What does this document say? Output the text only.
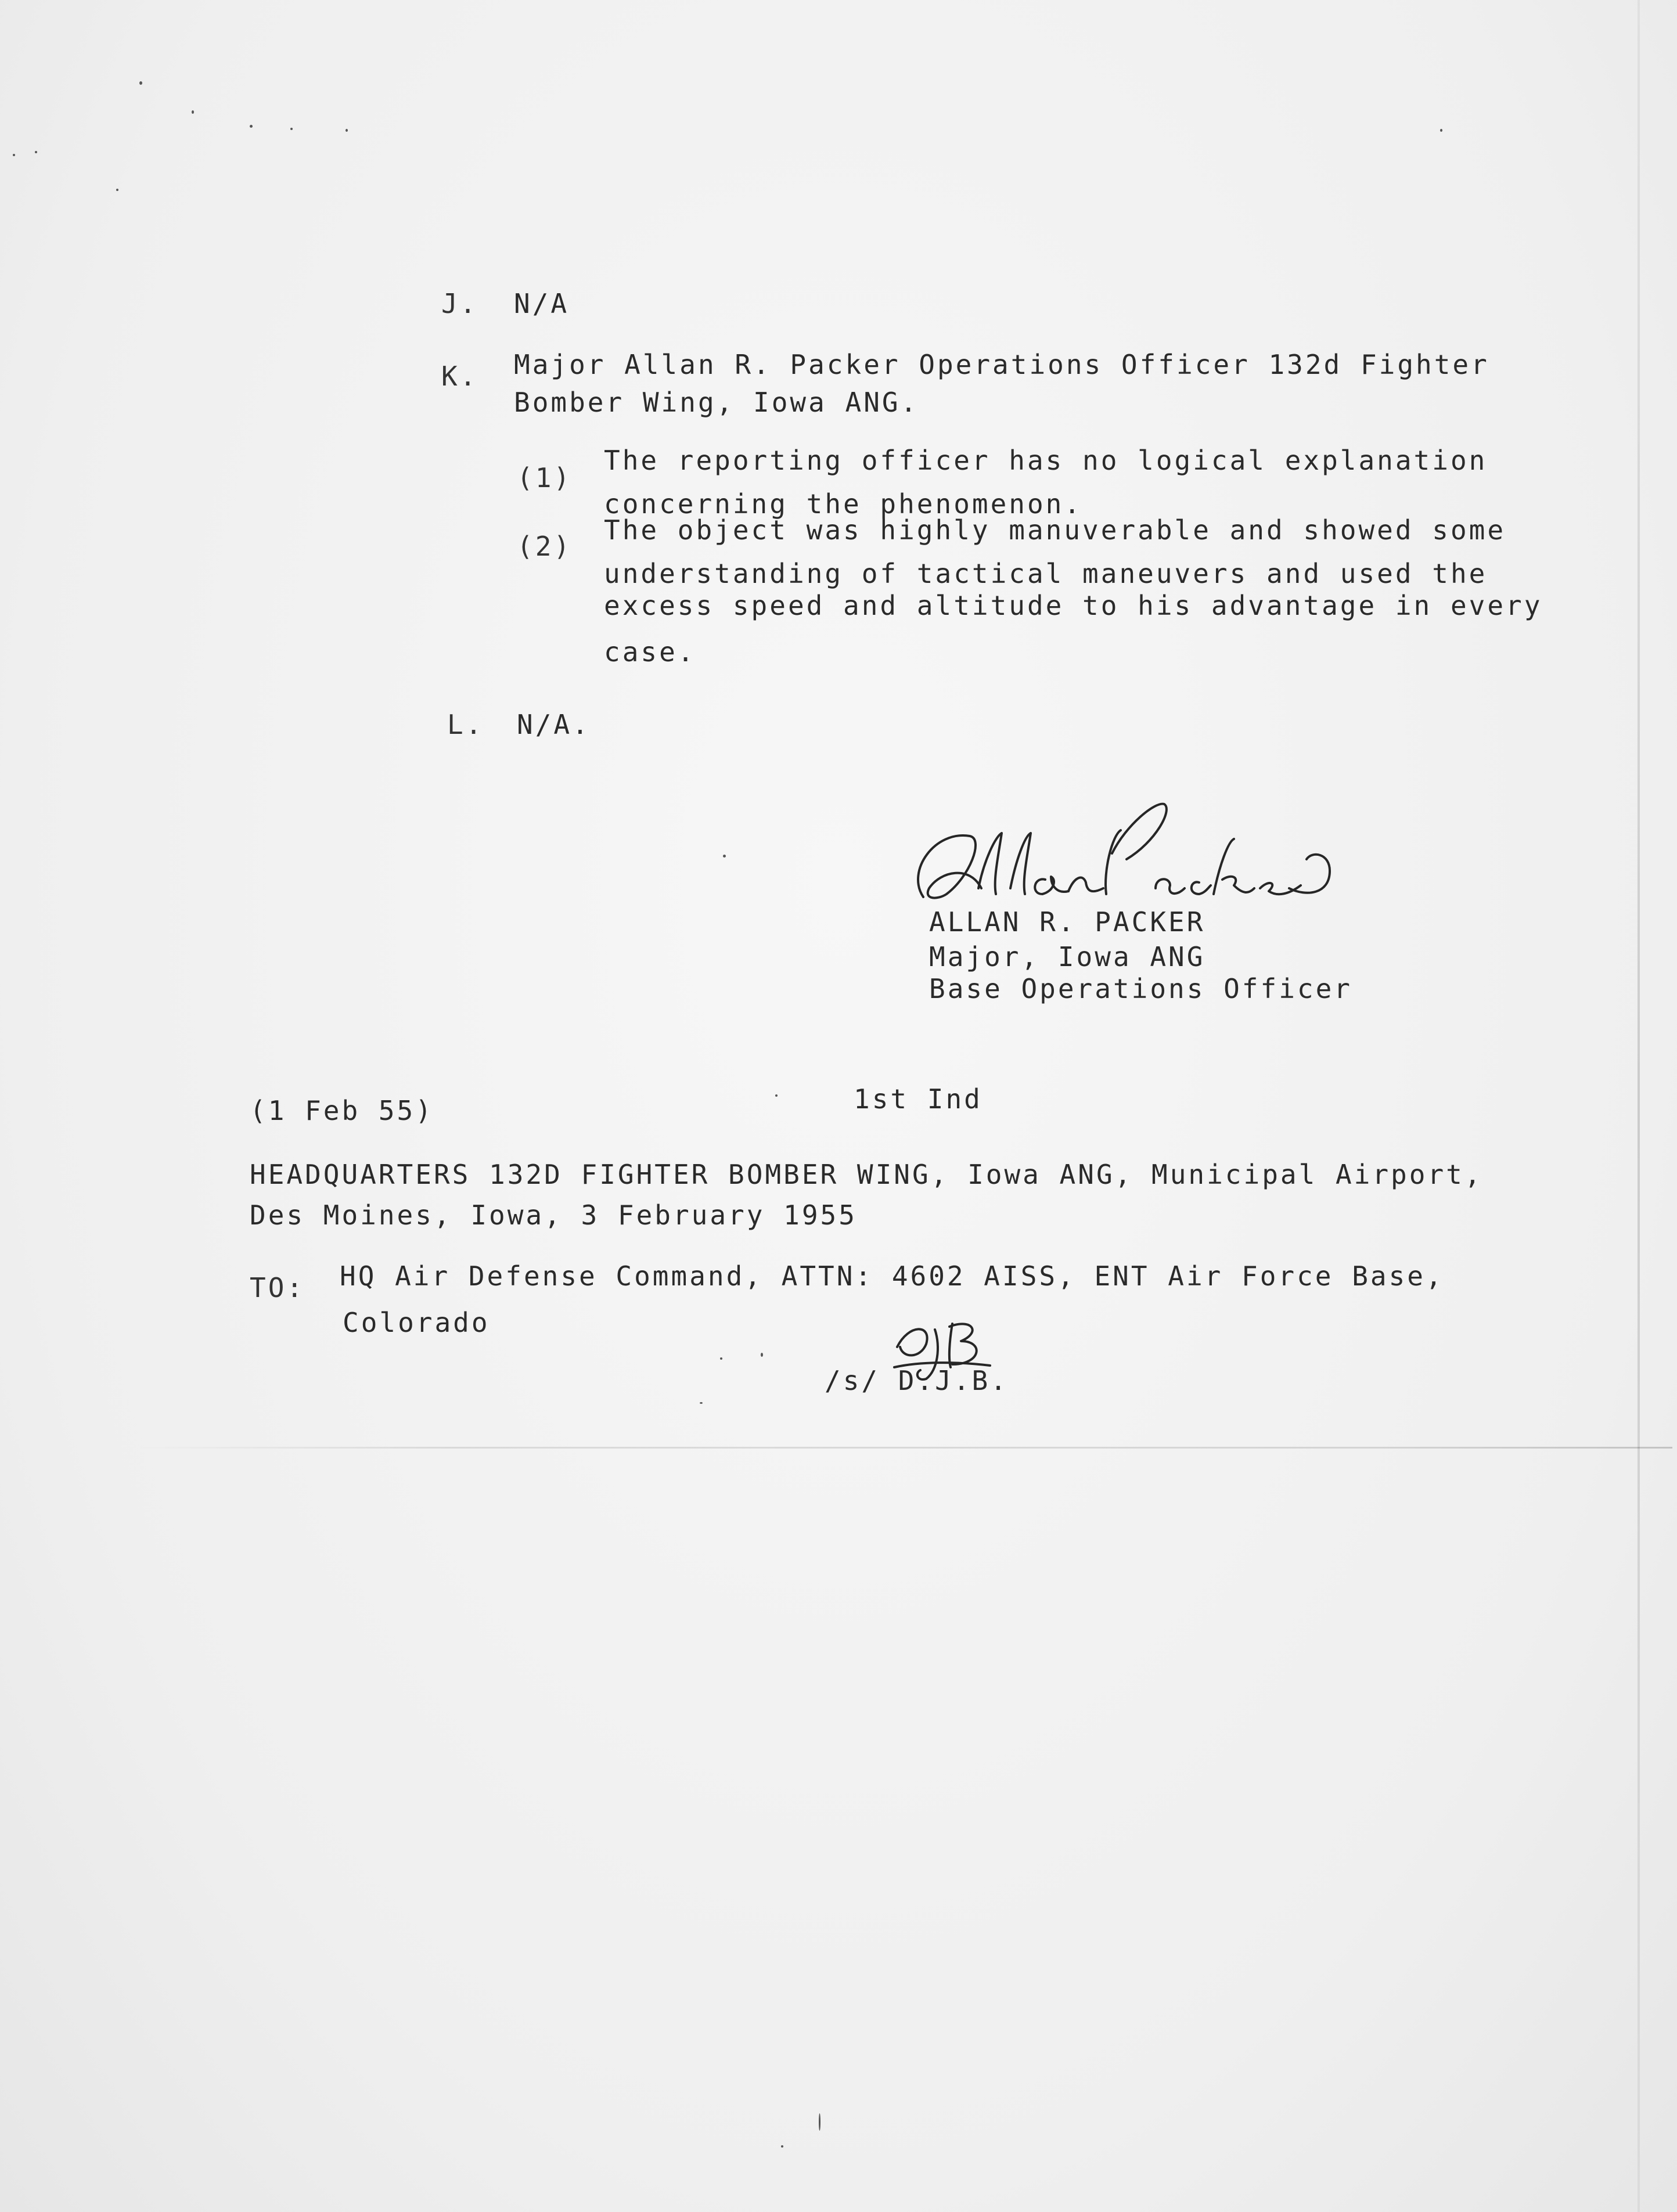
J. N/A
K. Major Allan R. Packer Operations Officer 132d Fighter
Bomber Wing, Iowa ANG.
(1)
The reporting officer has no logical explanation
concerning the phenomenon.
(2)
The object was highly manuverable and showed some
understanding of tactical maneuvers and used the
excess speed and altitude to his advantage in every
case.
L. N/A.
ALLAN R. PACKER
Major, Iowa ANG
Base Operations Officer
(1 Feb 55)	1st Ind
HEADQUARTERS 132D FIGHTER BOMBER WING, Iowa ANG, Municipal Airport,
Des Moines, Iowa, 3 February 1955
TO: HQ Air Defense Command, ATTN: 4602 AISS, ENT Air Force Base,
Colorado
/s/ D.J.B.
